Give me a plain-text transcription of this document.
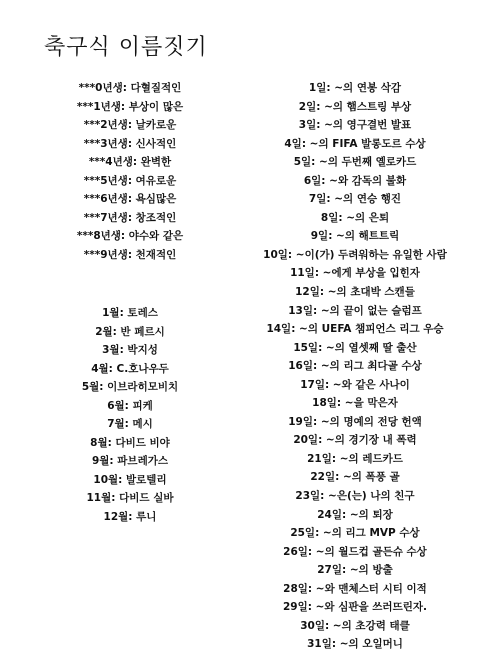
축구식 이름짓기
***0년생: 다혈질적인
***1년생: 부상이 많은
***2년생: 날카로운
***3년생: 신사적인
***4년생: 완벽한
***5년생: 여유로운
***6년생: 욕심많은
***7년생: 창조적인
***8년생: 야수와 같은
***9년생: 천재적인
1월: 토레스
2월: 반 페르시
3월: 박지성
4월: C.호나우두
5월: 이브라히모비치
6월: 피케
7월: 메시
8월: 다비드 비야
9월: 파브레가스
10월: 발로텔리
11월: 다비드 실바
12월: 루니
1일: ~의 연봉 삭감
2일: ~의 햄스트링 부상
3일: ~의 영구결번 발표
4일: ~의 FIFA 발롱도르 수상
5일: ~의 두번째 옐로카드
6일: ~와 감독의 불화
7일: ~의 연승 행진
8일: ~의 은퇴
9일: ~의 해트트릭
10일: ~이(가) 두려워하는 유일한 사람
11일: ~에게 부상을 입힌자
12일: ~의 초대박 스캔들
13일: ~의 끝이 없는 슬럼프
14일: ~의 UEFA 챔피언스 리그 우승
15일: ~의 열셋째 딸 출산
16일: ~의 리그 최다골 수상
17일: ~와 같은 사나이
18일: ~을 막은자
19일: ~의 명예의 전당 헌액
20일: ~의 경기장 내 폭력
21일: ~의 레드카드
22일: ~의 폭풍 골
23일: ~은(는) 나의 친구
24일: ~의 퇴장
25일: ~의 리그 MVP 수상
26일: ~의 월드컵 골든슈 수상
27일: ~의 방출
28일: ~와 맨체스터 시티 이적
29일: ~와 심판을 쓰러뜨린자.
30일: ~의 초강력 태클
31일: ~의 오일머니
